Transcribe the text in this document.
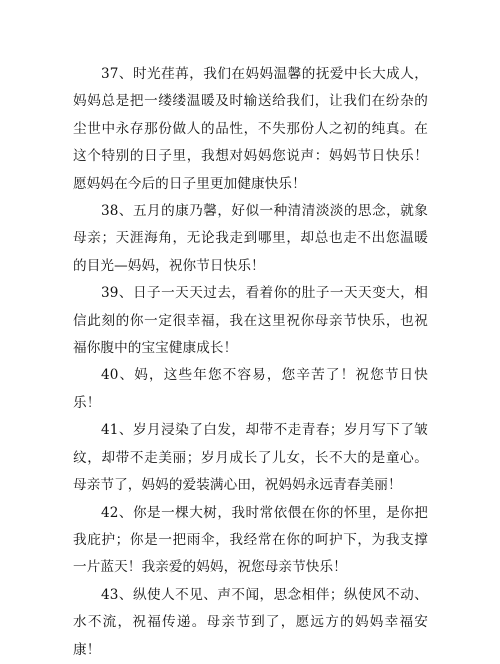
37、时光荏苒，我们在妈妈温馨的抚爱中长大成人，妈妈总是把一缕缕温暖及时输送给我们，让我们在纷杂的尘世中永存那份做人的品性，不失那份人之初的纯真。在这个特别的日子里，我想对妈妈您说声：妈妈节日快乐！愿妈妈在今后的日子里更加健康快乐！

38、五月的康乃馨，好似一种清清淡淡的思念，就象母亲；天涯海角，无论我走到哪里，却总也走不出您温暖的目光—妈妈，祝你节日快乐！

39、日子一天天过去，看着你的肚子一天天变大，相信此刻的你一定很幸福，我在这里祝你母亲节快乐，也祝福你腹中的宝宝健康成长！

40、妈，这些年您不容易，您辛苦了！祝您节日快乐！

41、岁月浸染了白发，却带不走青春；岁月写下了皱纹，却带不走美丽；岁月成长了儿女，长不大的是童心。母亲节了，妈妈的爱装满心田，祝妈妈永远青春美丽！

42、你是一棵大树，我时常依偎在你的怀里，是你把我庇护；你是一把雨伞，我经常在你的呵护下，为我支撑一片蓝天！我亲爱的妈妈，祝您母亲节快乐！

43、纵使人不见、声不闻，思念相伴；纵使风不动、水不流，祝福传递。母亲节到了，愿远方的妈妈幸福安康！
